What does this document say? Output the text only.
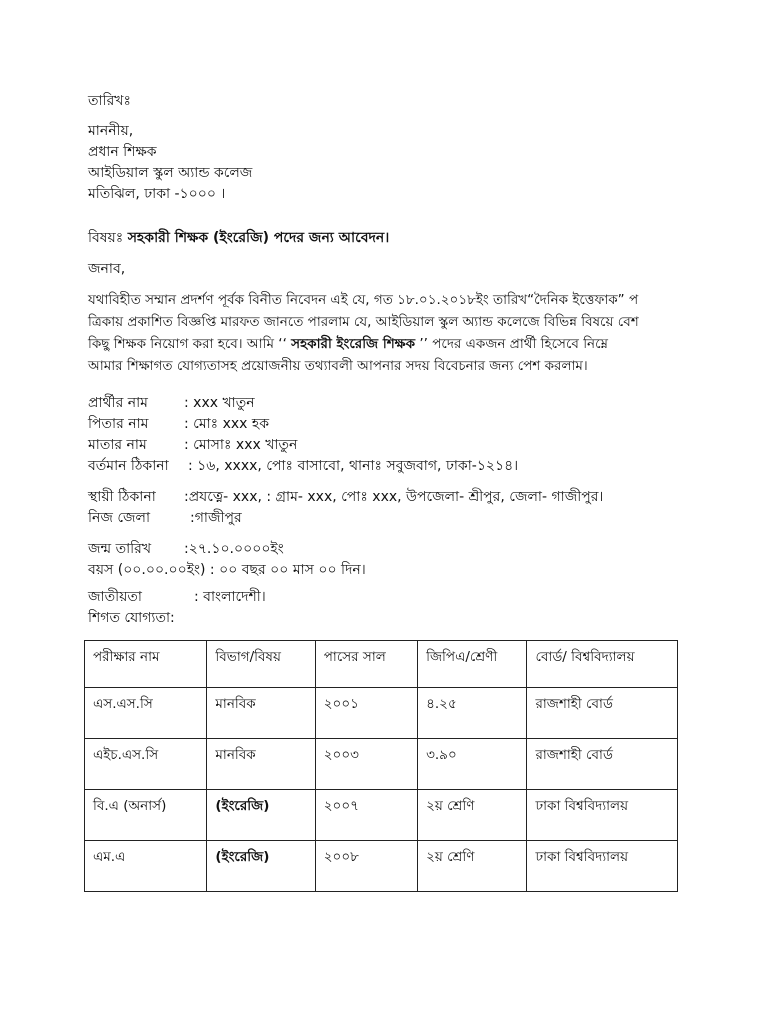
তারিখঃ

মাননীয়,
প্রধান শিক্ষক
আইডিয়াল স্কুল অ্যান্ড কলেজ
মতিঝিল, ঢাকা -১০০০ ।

বিষয়ঃ সহকারী শিক্ষক (ইংরেজি) পদের জন্য আবেদন।

জনাব,

যথাবিহীত সম্মান প্রদর্শণ পূর্বক বিনীত নিবেদন এই যে, গত ১৮.০১.২০১৮ইং তারিখ“দৈনিক ইত্তেফাক” প
ত্রিকায় প্রকাশিত বিজ্ঞপ্তি মারফত জানতে পারলাম যে, আইডিয়াল স্কুল অ্যান্ড কলেজে বিভিন্ন বিষয়ে বেশ
কিছু শিক্ষক নিয়োগ করা হবে। আমি ‘‘ সহকারী ইংরেজি শিক্ষক ’’ পদের একজন প্রার্থী হিসেবে নিম্নে
আমার শিক্ষাগত যোগ্যতাসহ প্রয়োজনীয় তথ্যাবলী আপনার সদয় বিবেচনার জন্য পেশ করলাম।
প্রার্থীর নাম	: xxx খাতুন
পিতার নাম	: মোঃ xxx হক
মাতার নাম	: মোসাঃ xxx খাতুন
বর্তমান ঠিকানা : ১৬, xxxx, পোঃ বাসাবো, থানাঃ সবুজবাগ, ঢাকা-১২১৪।
স্থায়ী ঠিকানা :প্রযত্নে- xxx, : গ্রাম- xxx, পোঃ xxx, উপজেলা- শ্রীপুর, জেলা- গাজীপুর।
নিজ জেলা	:গাজীপুর
জন্ম তারিখ :২৭.১০.০০০০ইং
বয়স (০০.০০.০০ইং) : ০০ বছর ০০ মাস ০০ দিন।
জাতীয়তা	: বাংলাদেশী।
শিগত যোগ্যতা:
পরীক্ষার নাম	বিভাগ/বিষয়	পাসের সাল	জিপিএ/শ্রেণী	বোর্ড/ বিশ্ববিদ্যালয়
এস.এস.সি	মানবিক	২০০১	৪.২৫	রাজশাহী বোর্ড
এইচ.এস.সি	মানবিক	২০০৩	৩.৯০	রাজশাহী বোর্ড
বি.এ (অনার্স)	(ইংরেজি)	২০০৭	২য় শ্রেণি	ঢাকা বিশ্ববিদ্যালয়
এম.এ	(ইংরেজি)	২০০৮	২য় শ্রেণি	ঢাকা বিশ্ববিদ্যালয়
